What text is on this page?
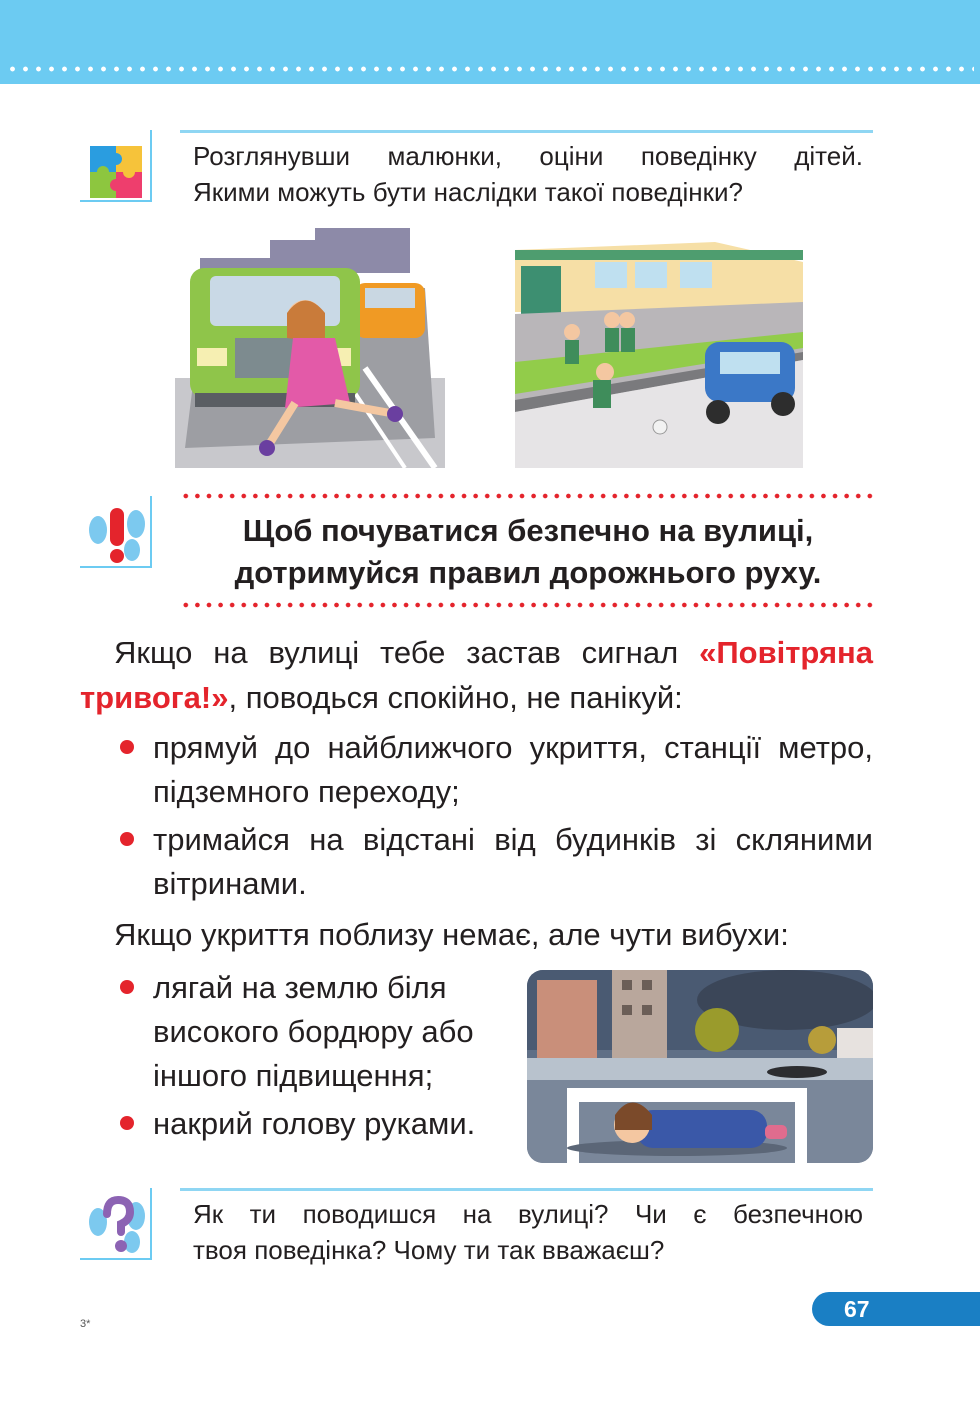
Розглянувши малюнки, оціни поведінку дітей.
Якими можуть бути наслідки такої поведінки?
Щоб почуватися безпечно на вулиці,
дотримуйся правил дорожнього руху.
Якщо на вулиці тебе застав сигнал «Повітряна тривога!», поводься спокійно, не панікуй:
прямуй до найближчого укриття, станції метро, підземного переходу;
тримайся на відстані від будинків зі скляними вітринами.
Якщо укриття поблизу немає, але чути вибухи:
лягай на землю біля високого бордюру або іншого підвищення;
накрий голову руками.
Як ти поводишся на вулиці? Чи є безпечною
твоя поведінка? Чому ти так вважаєш?
67
3*
